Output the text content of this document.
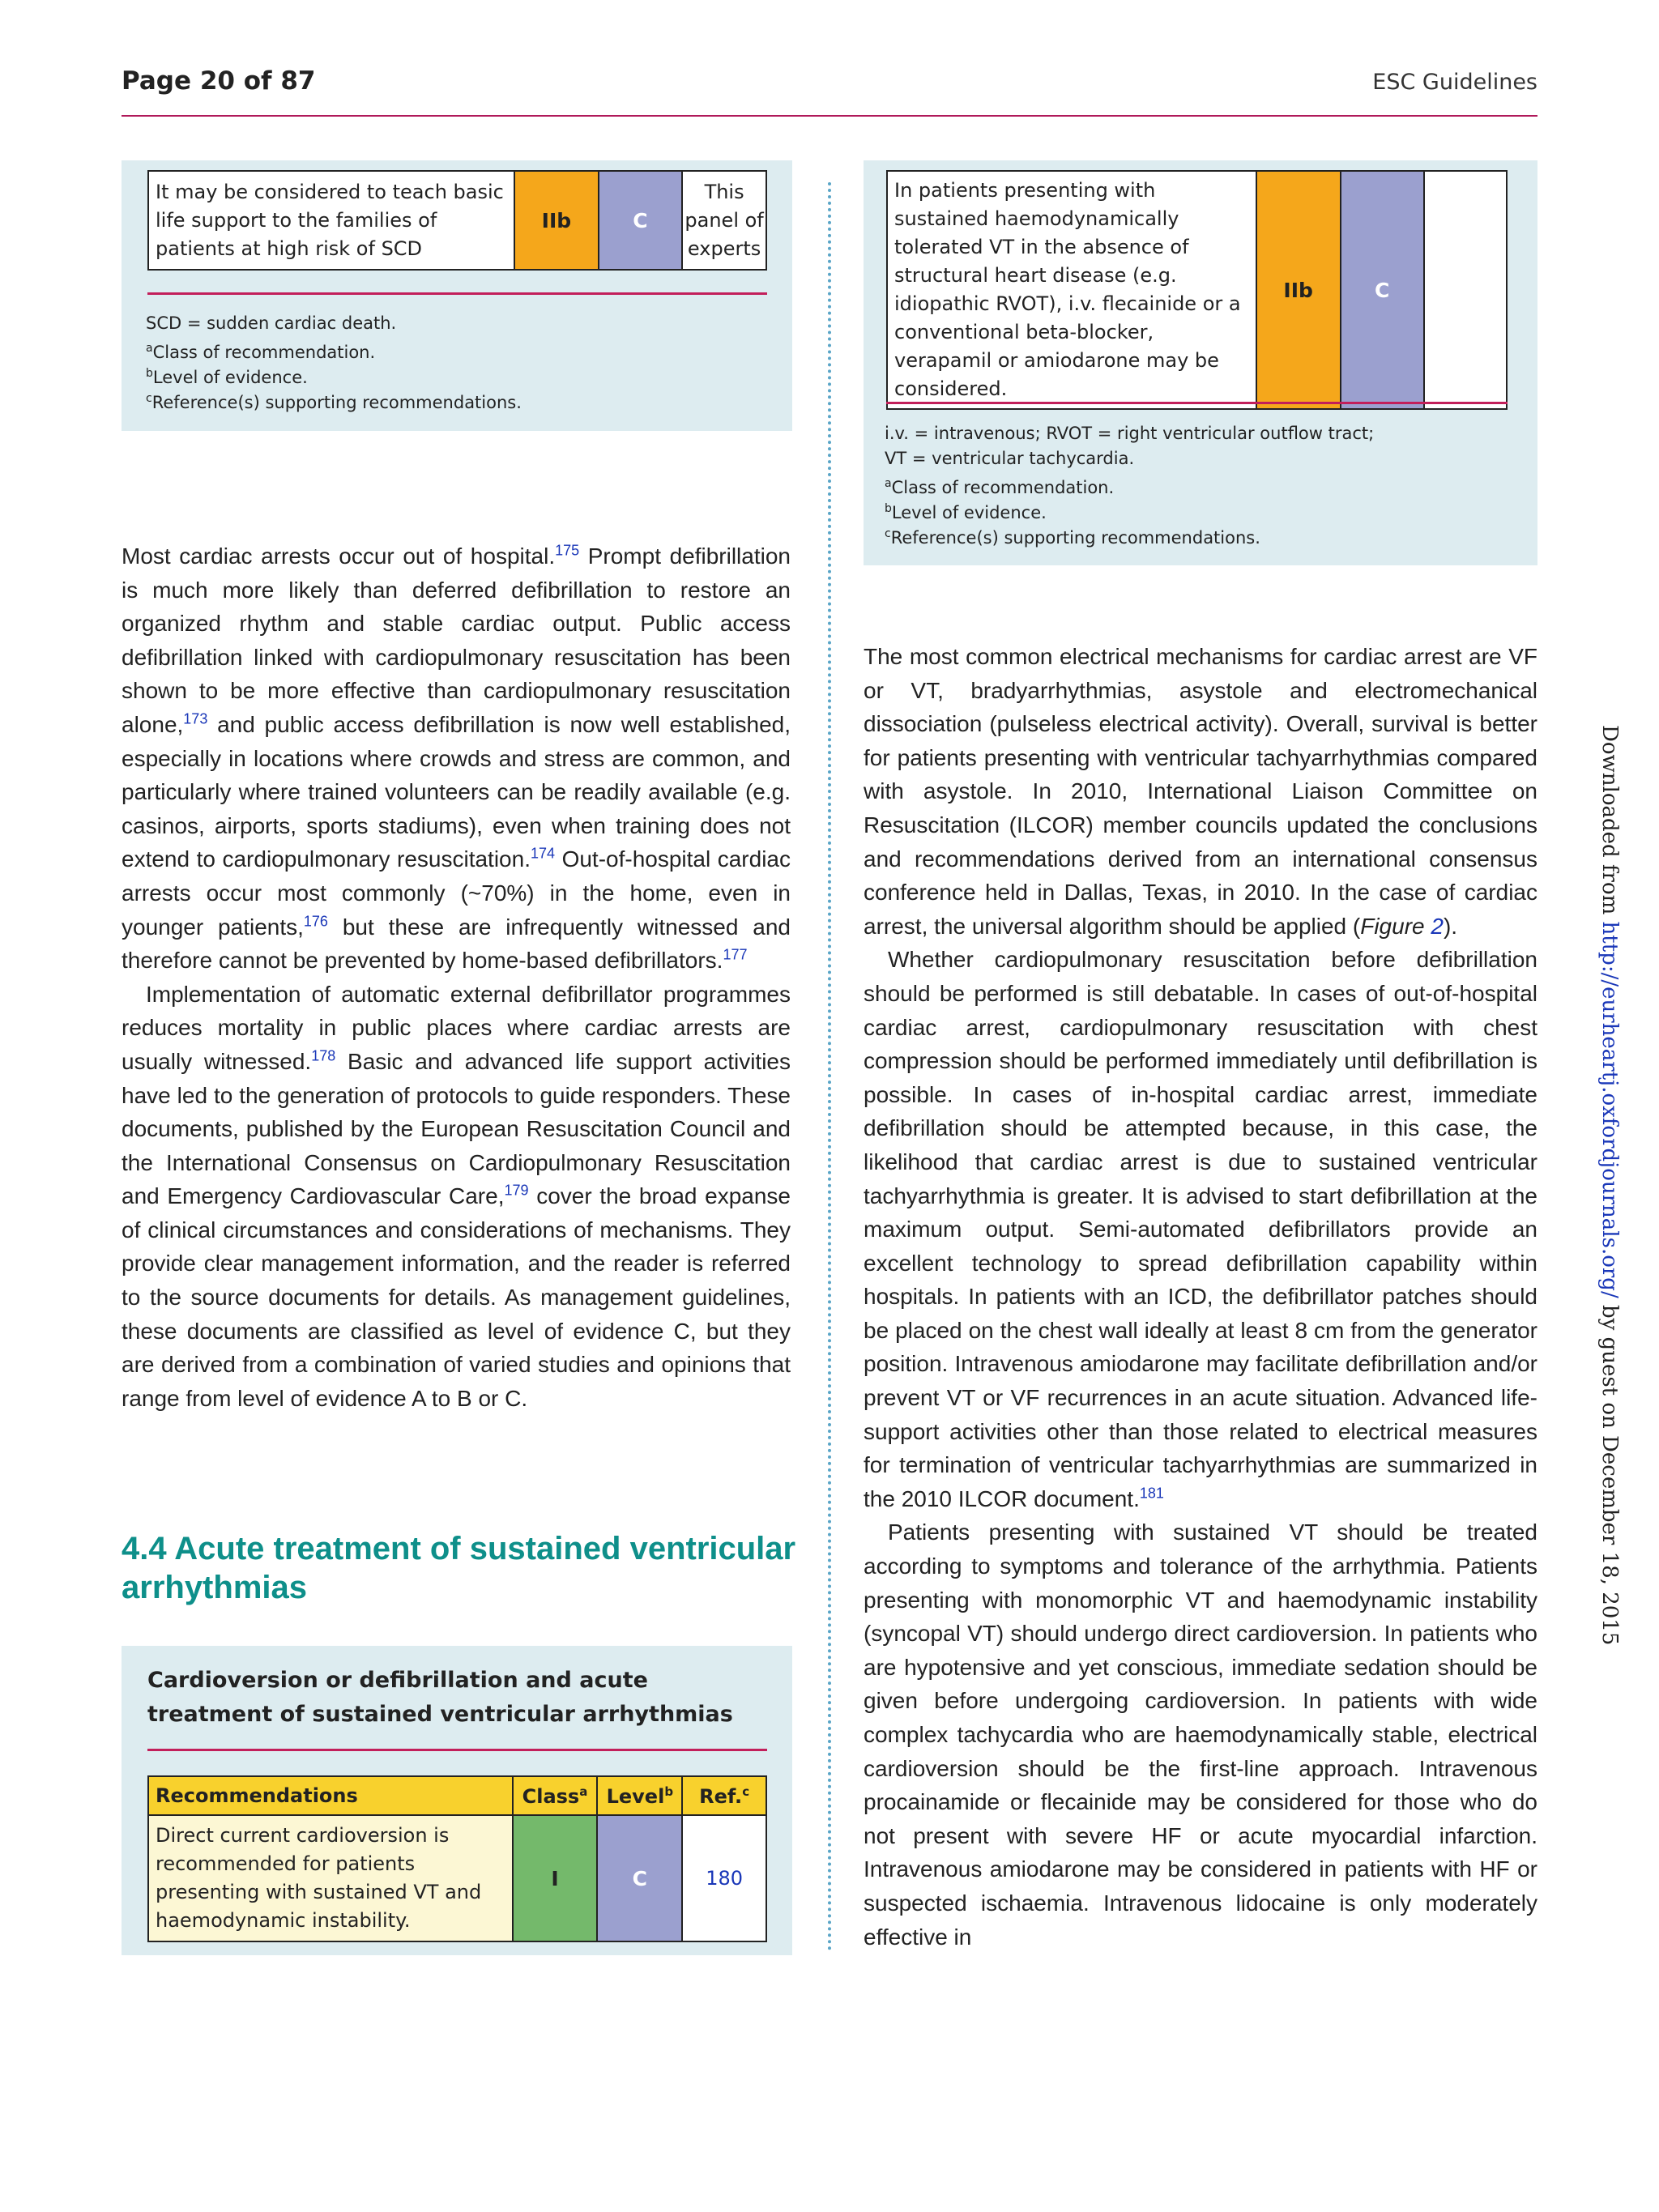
Page 20 of 87	ESC Guidelines
Downloaded from http://eurheartj.oxfordjournals.org/ by guest on December 18, 2015
It may be considered to teach basic life support to the families of patients at high risk of SCD	IIb	C	This panel of experts
SCD = sudden cardiac death.
$^a$Class of recommendation.
$^b$Level of evidence.
$^c$Reference(s) supporting recommendations.
In patients presenting with sustained haemodynamically tolerated VT in the absence of structural heart disease (e.g. idiopathic RVOT), i.v. flecainide or a conventional beta-blocker, verapamil or amiodarone may be considered.	IIb	C	
i.v. = intravenous; RVOT = right ventricular outflow tract;
VT = ventricular tachycardia.
$^a$Class of recommendation.
$^b$Level of evidence.
$^c$Reference(s) supporting recommendations.

Most cardiac arrests occur out of hospital.$^{175}$ Prompt defibrillation is much more likely than deferred defibrillation to restore an organized rhythm and stable cardiac output. Public access defibrillation linked with cardiopulmonary resuscitation has been shown to be more effective than cardiopulmonary resuscitation alone,$^{173}$ and public access defibrillation is now well established, especially in locations where crowds and stress are common, and particularly where trained volunteers can be readily available (e.g. casinos, airports, sports stadiums), even when training does not extend to cardiopulmonary resuscitation.$^{174}$ Out-of-hospital cardiac arrests occur most commonly (~70%) in the home, even in younger patients,$^{176}$ but these are infrequently witnessed and therefore cannot be prevented by home-based defibrillators.$^{177}$

Implementation of automatic external defibrillator programmes reduces mortality in public places where cardiac arrests are usually witnessed.$^{178}$ Basic and advanced life support activities have led to the generation of protocols to guide responders. These documents, published by the European Resuscitation Council and the International Consensus on Cardiopulmonary Resuscitation and Emergency Cardiovascular Care,$^{179}$ cover the broad expanse of clinical circumstances and considerations of mechanisms. They provide clear management information, and the reader is referred to the source documents for details. As management guidelines, these documents are classified as level of evidence C, but they are derived from a combination of varied studies and opinions that range from level of evidence A to B or C.

4.4 Acute treatment of sustained ventricular arrhythmias
Cardioversion or defibrillation and acute treatment of sustained ventricular arrhythmias
Recommendations	Class$^a$	Level$^b$	Ref.$^c$
Direct current cardioversion is recommended for patients presenting with sustained VT and haemodynamic instability.	I	C	180

The most common electrical mechanisms for cardiac arrest are VF or VT, bradyarrhythmias, asystole and electromechanical dissociation (pulseless electrical activity). Overall, survival is better for patients presenting with ventricular tachyarrhythmias compared with asystole. In 2010, International Liaison Committee on Resuscitation (ILCOR) member councils updated the conclusions and recommendations derived from an international consensus conference held in Dallas, Texas, in 2010. In the case of cardiac arrest, the universal algorithm should be applied (Figure 2).

Whether cardiopulmonary resuscitation before defibrillation should be performed is still debatable. In cases of out-of-hospital cardiac arrest, cardiopulmonary resuscitation with chest compression should be performed immediately until defibrillation is possible. In cases of in-hospital cardiac arrest, immediate defibrillation should be attempted because, in this case, the likelihood that cardiac arrest is due to sustained ventricular tachyarrhythmia is greater. It is advised to start defibrillation at the maximum output. Semi-automated defibrillators provide an excellent technology to spread defibrillation capability within hospitals. In patients with an ICD, the defibrillator patches should be placed on the chest wall ideally at least 8 cm from the generator position. Intravenous amiodarone may facilitate defibrillation and/or prevent VT or VF recurrences in an acute situation. Advanced life-support activities other than those related to electrical measures for termination of ventricular tachyarrhythmias are summarized in the 2010 ILCOR document.$^{181}$

Patients presenting with sustained VT should be treated according to symptoms and tolerance of the arrhythmia. Patients presenting with monomorphic VT and haemodynamic instability (syncopal VT) should undergo direct cardioversion. In patients who are hypotensive and yet conscious, immediate sedation should be given before undergoing cardioversion. In patients with wide complex tachycardia who are haemodynamically stable, electrical cardioversion should be the first-line approach. Intravenous procainamide or flecainide may be considered for those who do not present with severe HF or acute myocardial infarction. Intravenous amiodarone may be considered in patients with HF or suspected ischaemia. Intravenous lidocaine is only moderately effective in
